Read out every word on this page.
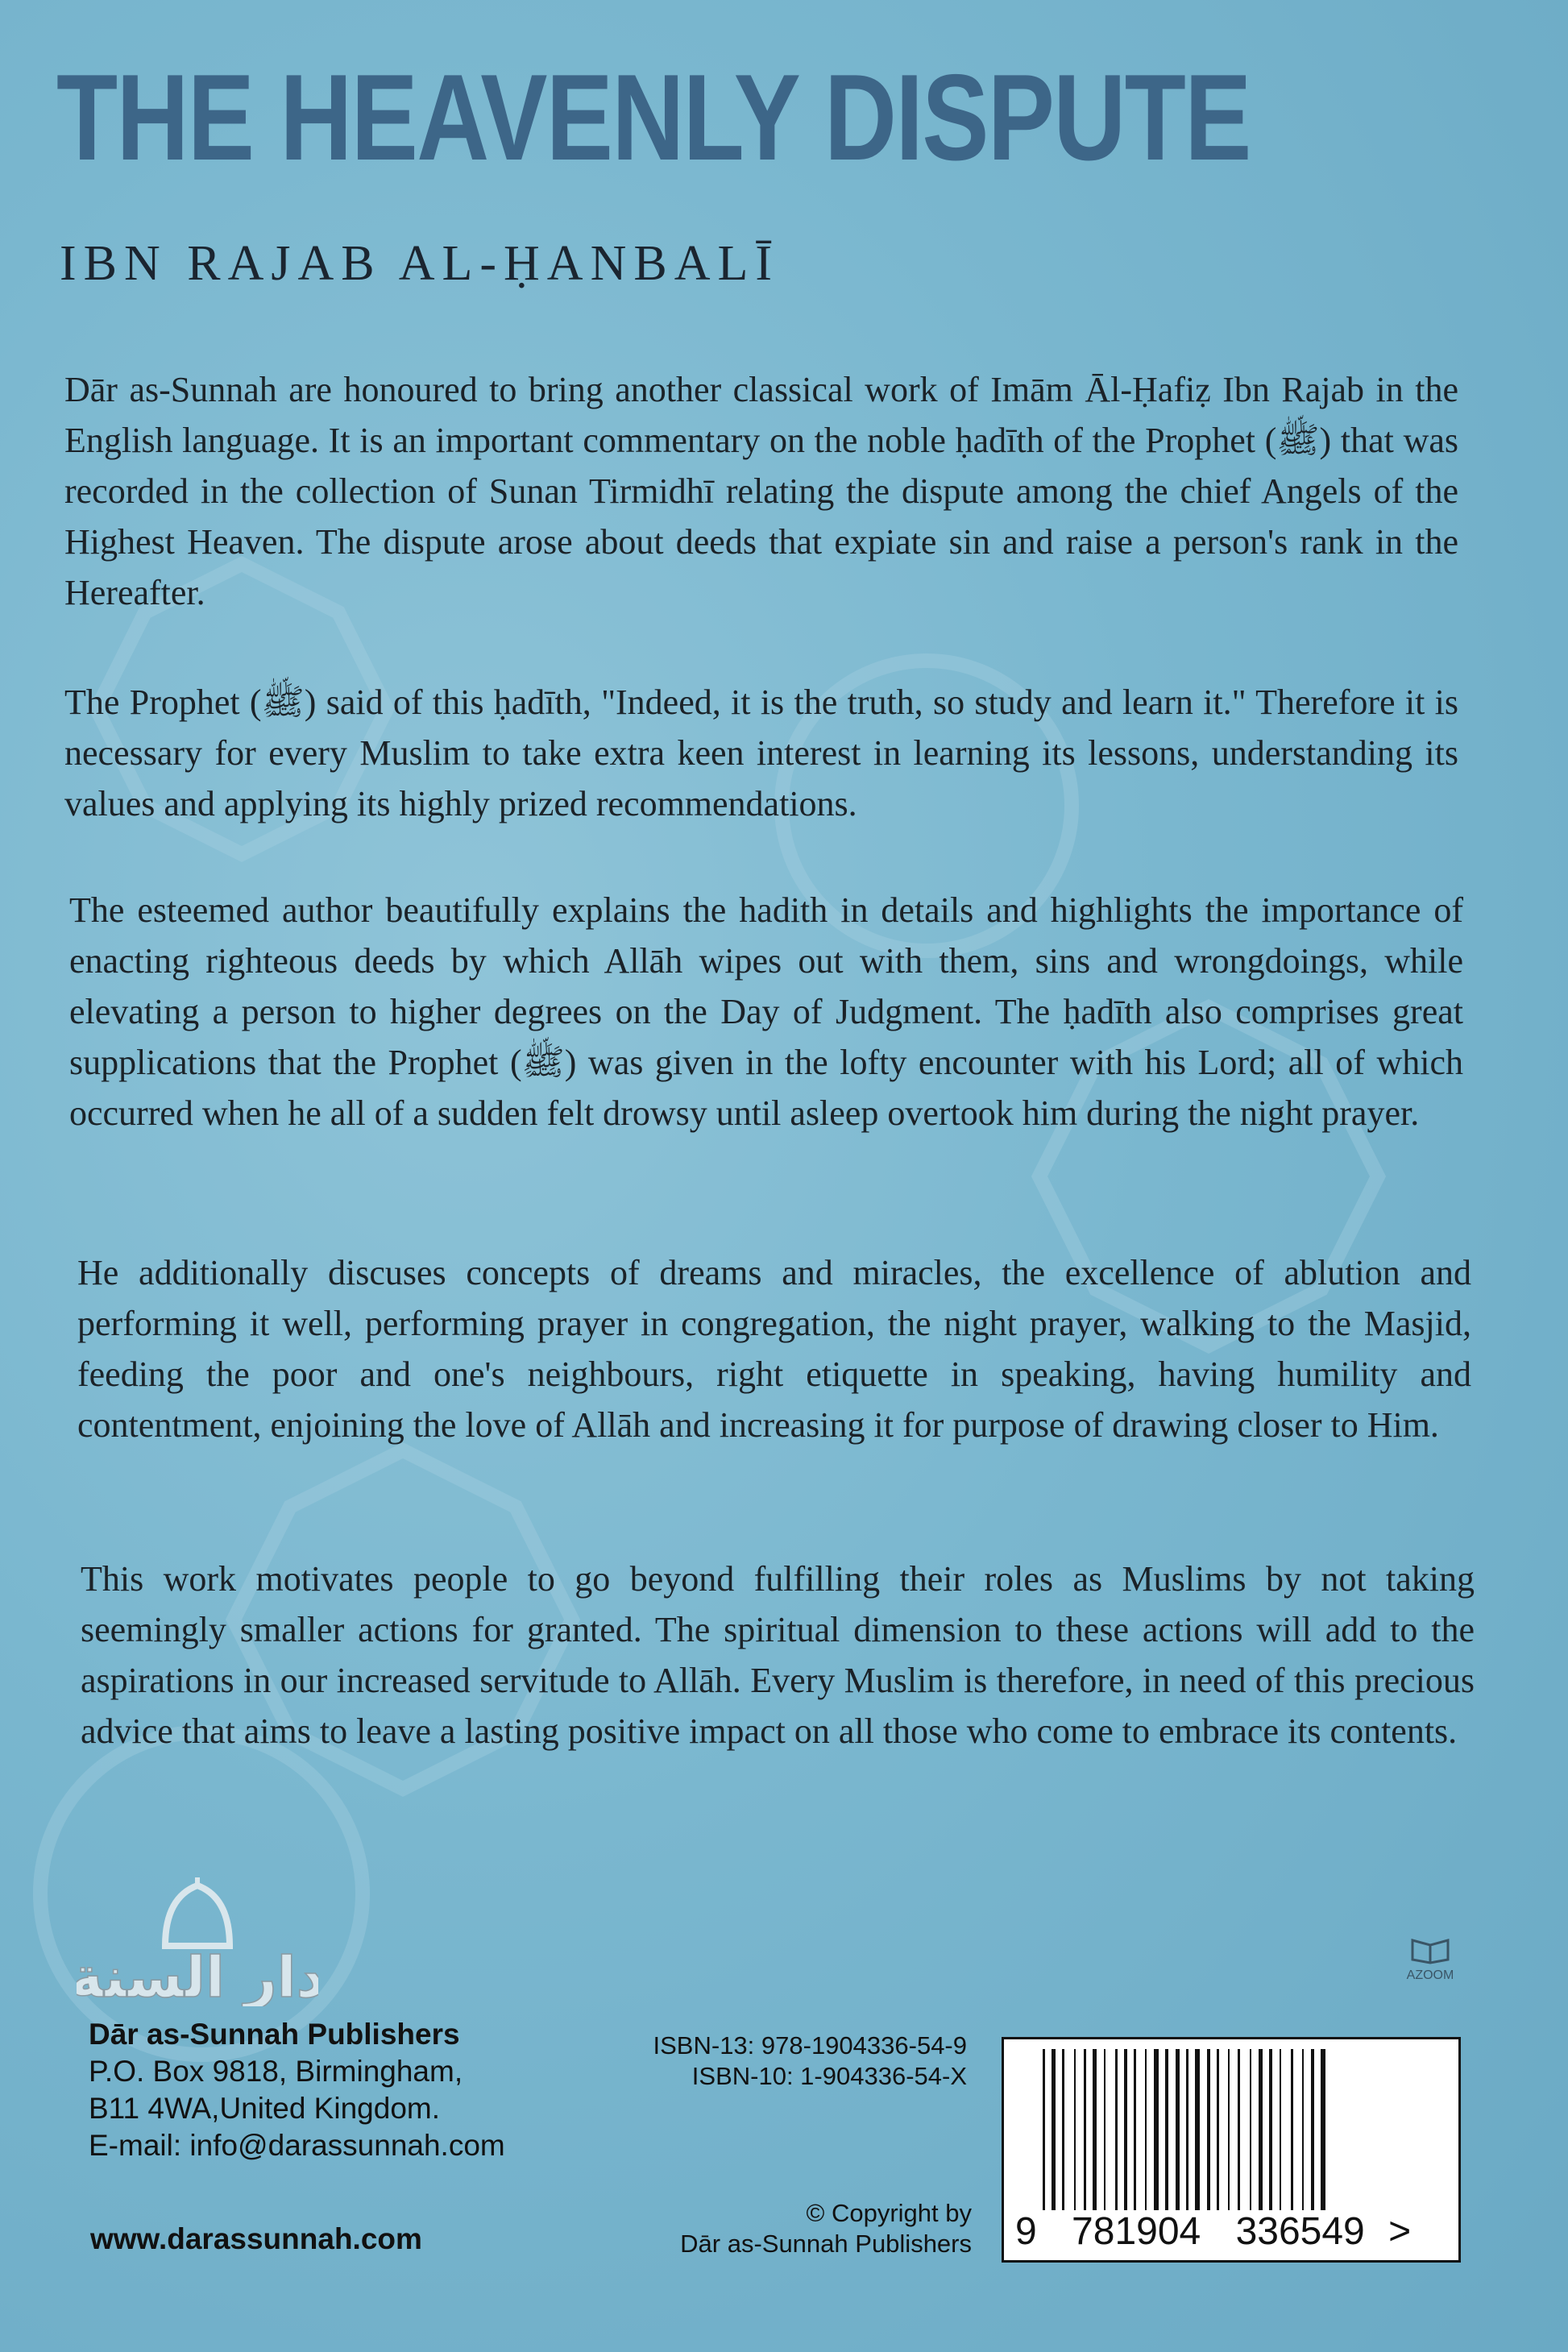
THE HEAVENLY DISPUTE
IBN RAJAB AL-ḤANBALĪ

Dār as-Sunnah are honoured to bring another classical work of Imām Āl-Ḥafiẓ Ibn Rajab in the English language. It is an important commentary on the noble ḥadīth of the Prophet (ﷺ) that was recorded in the collection of Sunan Tirmidhī relating the dispute among the chief Angels of the Highest Heaven. The dispute arose about deeds that expiate sin and raise a person's rank in the Hereafter.

The Prophet (ﷺ) said of this ḥadīth, "Indeed, it is the truth, so study and learn it." Therefore it is necessary for every Muslim to take extra keen interest in learning its lessons, understanding its values and applying its highly prized recommendations.

The esteemed author beautifully explains the hadith in details and highlights the importance of enacting righteous deeds by which Allāh wipes out with them, sins and wrongdoings, while elevating a person to higher degrees on the Day of Judgment. The ḥadīth also comprises great supplications that the Prophet (ﷺ) was given in the lofty encounter with his Lord; all of which occurred when he all of a sudden felt drowsy until asleep overtook him during the night prayer.

He additionally discuses concepts of dreams and miracles, the excellence of ablution and performing it well, performing prayer in congregation, the night prayer, walking to the Masjid, feeding the poor and one's neighbours, right etiquette in speaking, having humility and contentment, enjoining the love of Allāh and increasing it for purpose of drawing closer to Him.

This work motivates people to go beyond fulfilling their roles as Muslims by not taking seemingly smaller actions for granted. The spiritual dimension to these actions will add to the aspirations in our increased servitude to Allāh. Every Muslim is therefore, in need of this precious advice that aims to leave a lasting positive impact on all those who come to embrace its contents.

دار السنة
Dār as-Sunnah Publishers
P.O. Box 9818, Birmingham,
B11 4WA,United Kingdom.
E-mail: info@darassunnah.com
www.darassunnah.com
ISBN-13: 978-1904336-54-9
ISBN-10: 1-904336-54-X
© Copyright by
Dār as-Sunnah Publishers
AZOOM
9 781904 336549 >
